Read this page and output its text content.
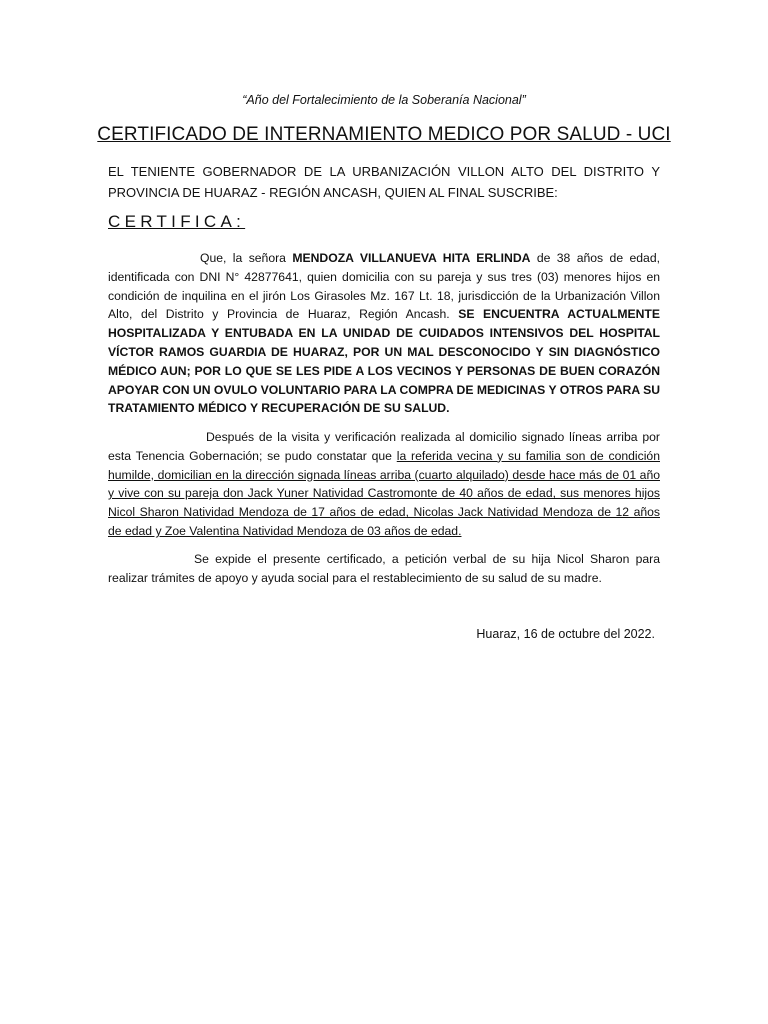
“Año del Fortalecimiento de la Soberanía Nacional”
CERTIFICADO DE INTERNAMIENTO MEDICO POR SALUD - UCI
EL TENIENTE GOBERNADOR DE LA URBANIZACIÓN VILLON ALTO DEL DISTRITO Y PROVINCIA DE HUARAZ - REGIÓN ANCASH, QUIEN AL FINAL SUSCRIBE:
CERTIFICA:
Que, la señora MENDOZA VILLANUEVA HITA ERLINDA de 38 años de edad, identificada con DNI N° 42877641, quien domicilia con su pareja y sus tres (03) menores hijos en condición de inquilina en el jirón Los Girasoles Mz. 167 Lt. 18, jurisdicción de la Urbanización Villon Alto, del Distrito y Provincia de Huaraz, Región Ancash. SE ENCUENTRA ACTUALMENTE HOSPITALIZADA Y ENTUBADA EN LA UNIDAD DE CUIDADOS INTENSIVOS DEL HOSPITAL VÍCTOR RAMOS GUARDIA DE HUARAZ, POR UN MAL DESCONOCIDO Y SIN DIAGNÓSTICO MÉDICO AUN; POR LO QUE SE LES PIDE A LOS VECINOS Y PERSONAS DE BUEN CORAZÓN APOYAR CON UN OVULO VOLUNTARIO PARA LA COMPRA DE MEDICINAS Y OTROS PARA SU TRATAMIENTO MÉDICO Y RECUPERACIÓN DE SU SALUD.
Después de la visita y verificación realizada al domicilio signado líneas arriba por esta Tenencia Gobernación; se pudo constatar que la referida vecina y su familia son de condición humilde, domicilian en la dirección signada líneas arriba (cuarto alquilado) desde hace más de 01 año y vive con su pareja don Jack Yuner Natividad Castromonte de 40 años de edad, sus menores hijos Nicol Sharon Natividad Mendoza de 17 años de edad, Nicolas Jack Natividad Mendoza de 12 años de edad y Zoe Valentina Natividad Mendoza de 03 años de edad.
Se expide el presente certificado, a petición verbal de su hija Nicol Sharon para realizar trámites de apoyo y ayuda social para el restablecimiento de su salud de su madre.
Huaraz, 16 de octubre del 2022.
